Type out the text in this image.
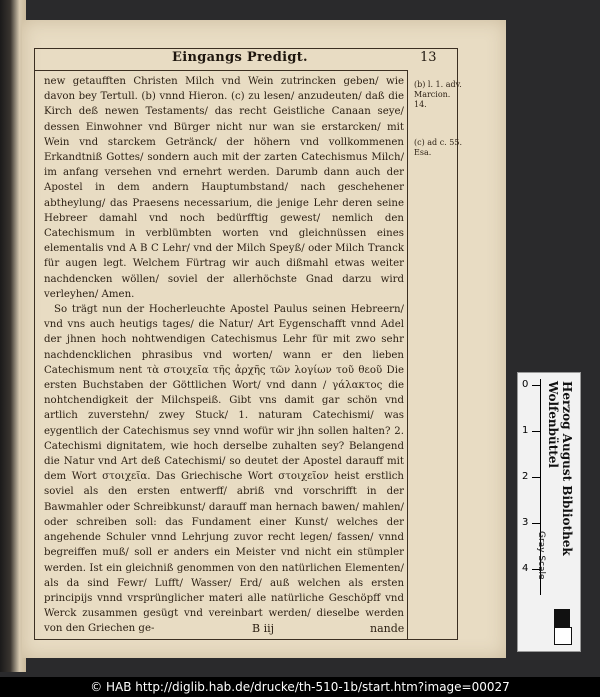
Eingangs Predigt.	13

new getaufften Christen Milch vnd Wein zutrincken geben/ wie davon bey Tertull. (b) vnnd Hieron. (c) zu lesen/ anzudeuten/ daß die Kirch deß newen Testaments/ das recht Geistliche Canaan seye/ dessen Einwohner vnd Bürger nicht nur wan sie erstarcken/ mit Wein vnd starckem Getränck/ der höhern vnd vollkommenen Erkandtniß Gottes/ sondern auch mit der zarten Catechismus Milch/ im anfang versehen vnd ernehrt werden. Darumb dann auch der Apostel in dem andern Hauptumbstand/ nach geschehener abtheylung/ das Praesens necessarium, die jenige Lehr deren seine Hebreer damahl vnd noch bedürfftig gewest/ nemlich den Catechismum in verblümbten worten vnd gleichnüssen eines elementalis vnd A B C Lehr/ vnd der Milch Speyß/ oder Milch Tranck für augen legt. Welchem Fürtrag wir auch dißmahl etwas weiter nachdencken wöllen/ soviel der allerhöchste Gnad darzu wird verleyhen/ Amen.

So trägt nun der Hocherleuchte Apostel Paulus seinen Hebreern/ vnd vns auch heutigs tages/ die Natur/ Art Eygenschafft vnnd Adel der jhnen hoch nohtwendigen Catechismus Lehr für mit zwo sehr nachdencklichen phrasibus vnd worten/ wann er den lieben Catechismum nent τὰ στοιχεῖα τῆς ἀρχῆς τῶν λογίων τοῦ θεοῦ Die ersten Buchstaben der Göttlichen Wort/ vnd dann / γάλακτος die nohtchendigkeit der Milchspeiß. Gibt vns damit gar schön vnd artlich zuverstehn/ zwey Stuck/ 1. naturam Catechismi/ was eygentlich der Catechismus sey vnnd wofür wir jhn sollen halten? 2. Catechismi dignitatem, wie hoch derselbe zuhalten sey? Belangend die Natur vnd Art deß Catechismi/ so deutet der Apostel darauff mit dem Wort στοιχεῖα. Das Griechische Wort στοιχεῖον heist erstlich soviel als den ersten entwerff/ abriß vnd vorschrifft in der Bawmahler oder Schreibkunst/ darauff man hernach bawen/ mahlen/ oder schreiben soll: das Fundament einer Kunst/ welches der angehende Schuler vnnd Lehrjung zuvor recht legen/ fassen/ vnnd begreiffen muß/ soll er anders ein Meister vnd nicht ein stümpler werden. Ist ein gleichniß genommen von den natürlichen Elementen/ als da sind Fewr/ Lufft/ Wasser/ Erd/ auß welchen als ersten principijs vnnd vrsprünglicher materi alle natürliche Geschöpff vnd Werck zusammen gesügt vnd vereinbart werden/ dieselbe werden von den Griechen ge-

(b) l. 1. adv. Marcion. 14.
(c) ad c. 55. Esa.
B iij	nande
0
1
2
3
4
Herzog August Bibliothek Wolfenbüttel
Gray Scale
© HAB http://diglib.hab.de/drucke/th-510-1b/start.htm?image=00027
